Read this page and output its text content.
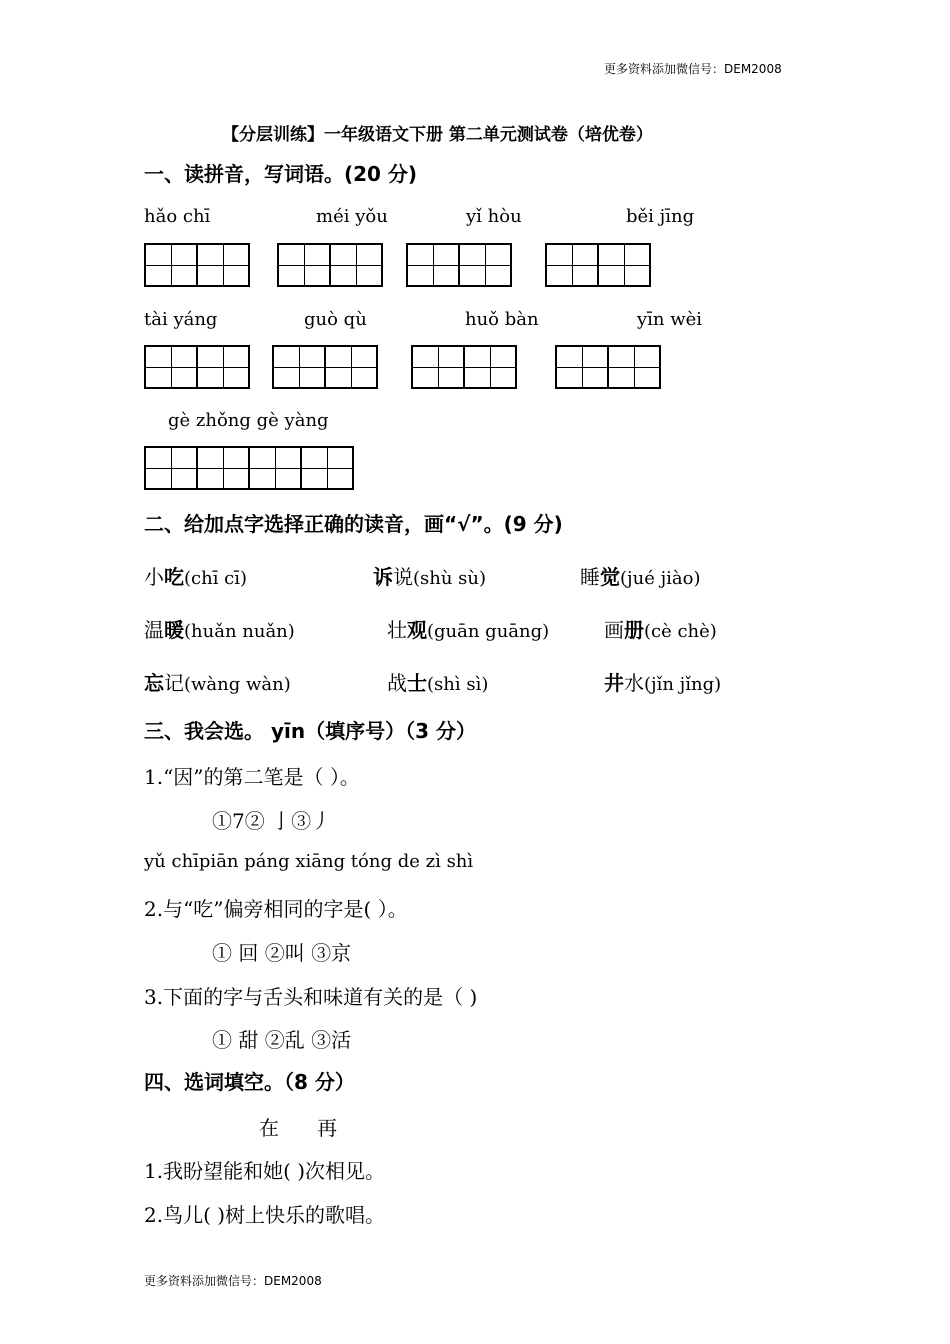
更多资料添加微信号：DEM2008
【分层训练】一年级语文下册 第二单元测试卷（培优卷）
一、读拼音，写词语。(20 分)
hǎo chī	méi yǒu	yǐ hòu	běi jīng
tài yáng	guò qù	huǒ bàn	yīn wèi
gè zhǒng gè yàng
二、给加点字选择正确的读音，画“√”。(9 分)
小吃(chī cī)	诉说(shù sù)	睡觉(jué jiào)
温暖(huǎn nuǎn)	壮观(guān guāng)	画册(cè chè)
忘记(wàng wàn)	战士(shì sì)	井水(jǐn jǐng)
三、我会选。 yīn（填序号）（3 分）
1.“因”的第二笔是（ ）。
①7② 亅③丿
yǔ chīpiān páng xiāng tóng de zì shì
2.与“吃”偏旁相同的字是( ）。
① 回 ②叫 ③京
3.下面的字与舌头和味道有关的是（ )
① 甜 ②乱 ③活
四、选词填空。（8 分）
在      再
1.我盼望能和她( )次相见。
2.鸟儿( )树上快乐的歌唱。
更多资料添加微信号：DEM2008
